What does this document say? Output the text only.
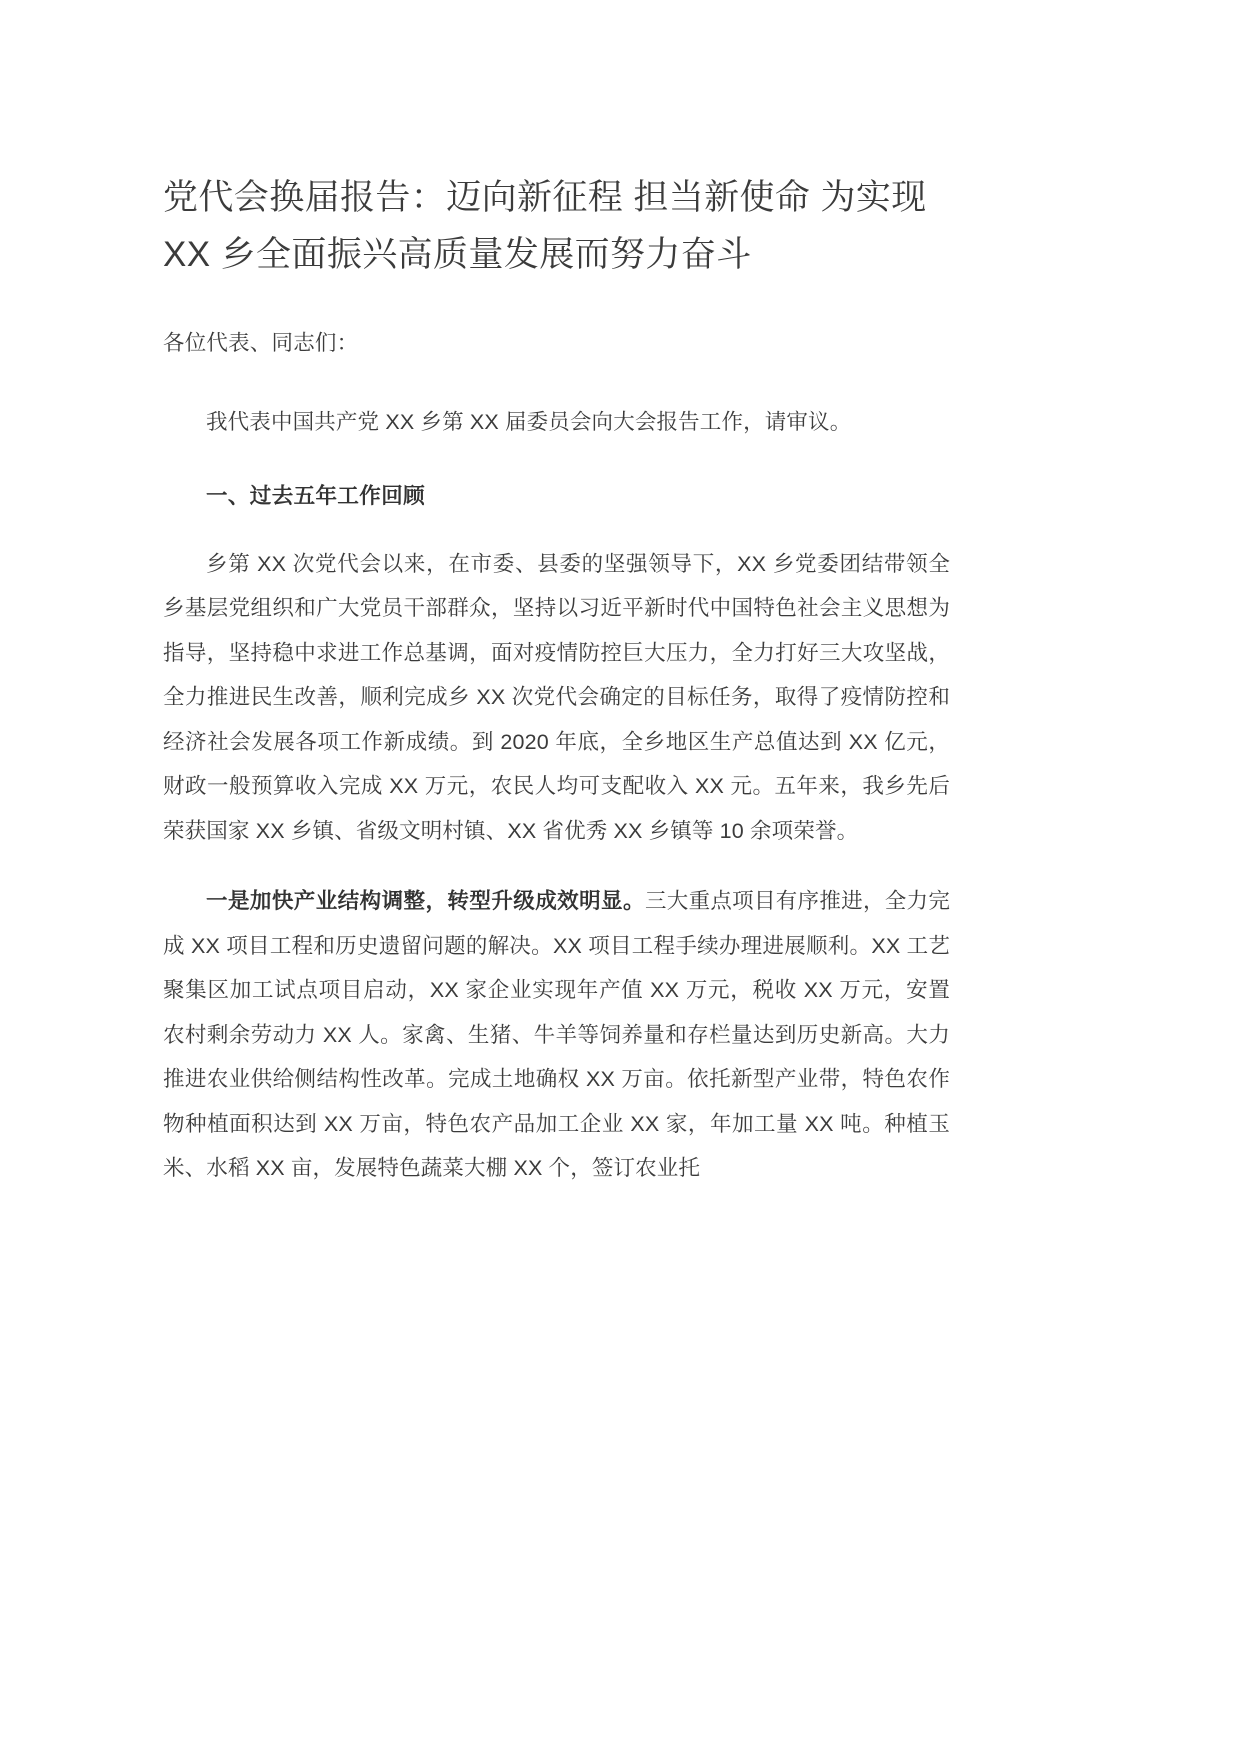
党代会换届报告：迈向新征程 担当新使命 为实现
XX 乡全面振兴高质量发展而努力奋斗

各位代表、同志们：

我代表中国共产党 XX 乡第 XX 届委员会向大会报告工作，请审议。

一、过去五年工作回顾

乡第 XX 次党代会以来，在市委、县委的坚强领导下，XX 乡党委团结带领全乡基层党组织和广大党员干部群众，坚持以习近平新时代中国特色社会主义思想为指导，坚持稳中求进工作总基调，面对疫情防控巨大压力，全力打好三大攻坚战，全力推进民生改善，顺利完成乡 XX 次党代会确定的目标任务，取得了疫情防控和经济社会发展各项工作新成绩。到 2020 年底，全乡地区生产总值达到 XX 亿元，财政一般预算收入完成 XX 万元，农民人均可支配收入 XX 元。五年来，我乡先后荣获国家 XX 乡镇、省级文明村镇、XX 省优秀 XX 乡镇等 10 余项荣誉。

一是加快产业结构调整，转型升级成效明显。三大重点项目有序推进，全力完成 XX 项目工程和历史遗留问题的解决。XX 项目工程手续办理进展顺利。XX 工艺聚集区加工试点项目启动，XX 家企业实现年产值 XX 万元，税收 XX 万元，安置农村剩余劳动力 XX 人。家禽、生猪、牛羊等饲养量和存栏量达到历史新高。大力推进农业供给侧结构性改革。完成土地确权 XX 万亩。依托新型产业带，特色农作物种植面积达到 XX 万亩，特色农产品加工企业 XX 家，年加工量 XX 吨。种植玉米、水稻 XX 亩，发展特色蔬菜大棚 XX 个，签订农业托
